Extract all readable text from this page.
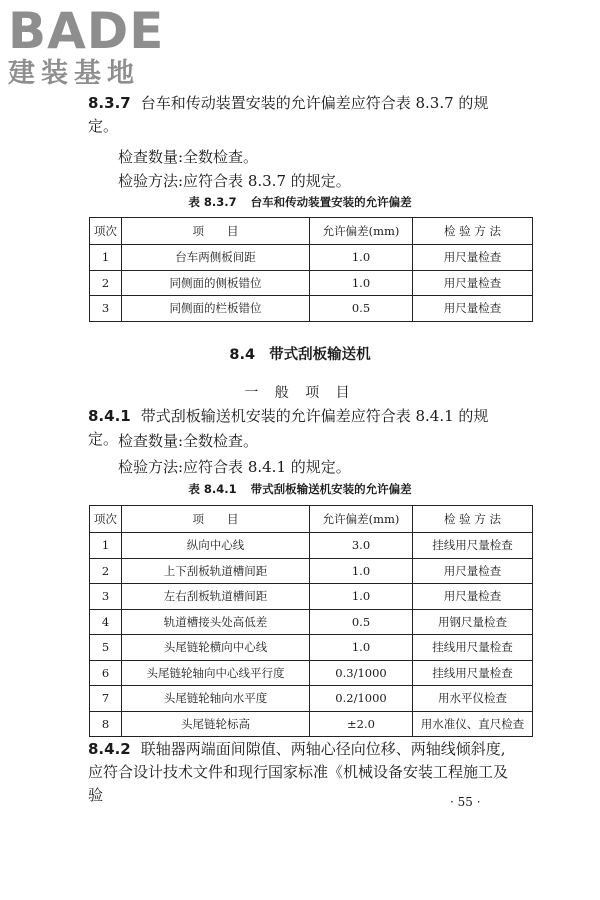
BADE
建装基地
8.3.7 台车和传动装置安装的允许偏差应符合表 8.3.7 的规定。
检查数量:全数检查。
检验方法:应符合表 8.3.7 的规定。
表 8.3.7 台车和传动装置安装的允许偏差
项次	项　　目	允许偏差(mm)	检 验 方 法
1	台车两侧板间距	1.0	用尺量检查
2	同侧面的侧板错位	1.0	用尺量检查
3	同侧面的栏板错位	0.5	用尺量检查
8.4 带式刮板输送机
一 般 项 目
8.4.1 带式刮板输送机安装的允许偏差应符合表 8.4.1 的规定。 检查数量:全数检查。
检验方法:应符合表 8.4.1 的规定。
表 8.4.1 带式刮板输送机安装的允许偏差
项次	项　　目	允许偏差(mm)	检 验 方 法
1	纵向中心线	3.0	挂线用尺量检查
2	上下刮板轨道槽间距	1.0	用尺量检查
3	左右刮板轨道槽间距	1.0	用尺量检查
4	轨道槽接头处高低差	0.5	用钢尺量检查
5	头尾链轮横向中心线	1.0	挂线用尺量检查
6	头尾链轮轴向中心线平行度	0.3/1000	挂线用尺量检查
7	头尾链轮轴向水平度	0.2/1000	用水平仪检查
8	头尾链轮标高	±2.0	用水准仪、直尺检查
8.4.2 联轴器两端面间隙值、两轴心径向位移、两轴线倾斜度,应符合设计技术文件和现行国家标准《机械设备安装工程施工及验	· 55 ·
